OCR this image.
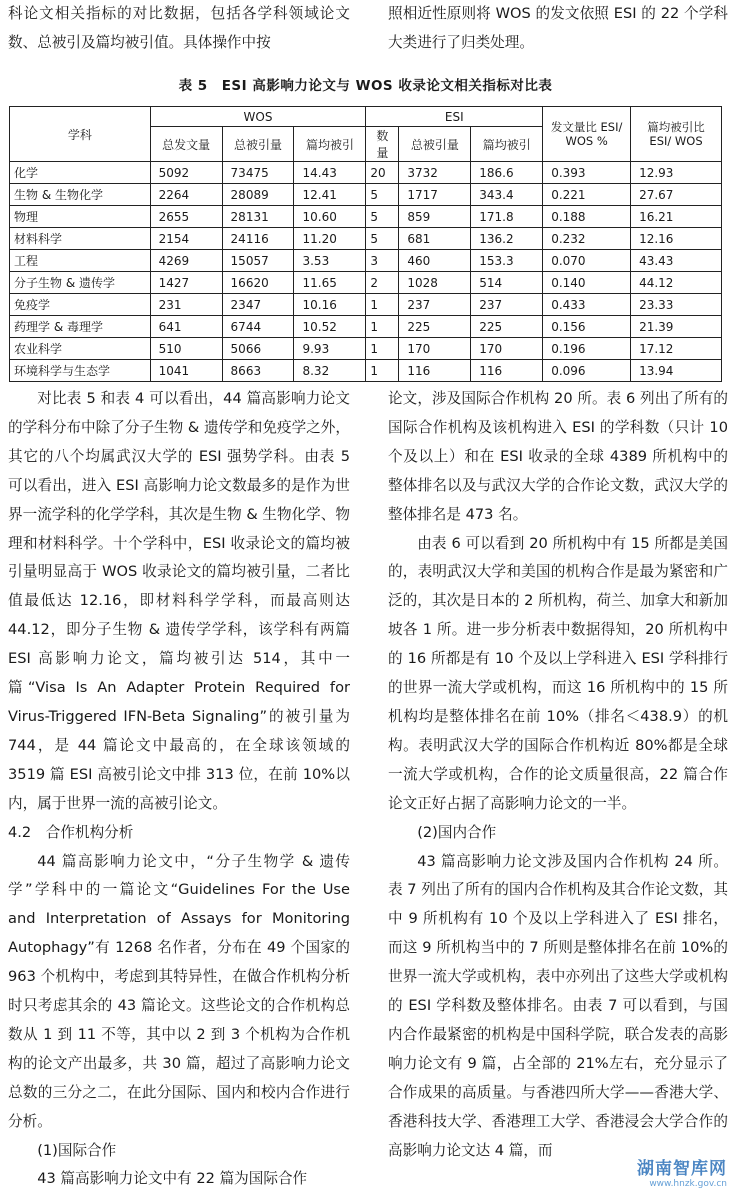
科论文相关指标的对比数据，包括各学科领域论文数、总被引及篇均被引值。具体操作中按

照相近性原则将 WOS 的发文依照 ESI 的 22 个学科大类进行了归类处理。

表 5　ESI 高影响力论文与 WOS 收录论文相关指标对比表
学科	WOS			ESI			发文量比 ESI/ WOS %	篇均被引比 ESI/ WOS
	总发文量	总被引量	篇均被引	数量	总被引量	篇均被引		
化学	5092	73475	14.43	20	3732	186.6	0.393	12.93
生物 & 生物化学	2264	28089	12.41	5	1717	343.4	0.221	27.67
物理	2655	28131	10.60	5	859	171.8	0.188	16.21
材料科学	2154	24116	11.20	5	681	136.2	0.232	12.16
工程	4269	15057	3.53	3	460	153.3	0.070	43.43
分子生物 & 遗传学	1427	16620	11.65	2	1028	514	0.140	44.12
免疫学	231	2347	10.16	1	237	237	0.433	23.33
药理学 & 毒理学	641	6744	10.52	1	225	225	0.156	21.39
农业科学	510	5066	9.93	1	170	170	0.196	17.12
环境科学与生态学	1041	8663	8.32	1	116	116	0.096	13.94

对比表 5 和表 4 可以看出，44 篇高影响力论文的学科分布中除了分子生物 & 遗传学和免疫学之外，其它的八个均属武汉大学的 ESI 强势学科。由表 5 可以看出，进入 ESI 高影响力论文数最多的是作为世界一流学科的化学学科，其次是生物 & 生物化学、物理和材料科学。十个学科中，ESI 收录论文的篇均被引量明显高于 WOS 收录论文的篇均被引量，二者比值最低达 12.16，即材料科学学科，而最高则达 44.12，即分子生物 & 遗传学学科，该学科有两篇 ESI 高影响力论文，篇均被引达 514，其中一篇“Visa Is An Adapter Protein Required for Virus-Triggered IFN-Beta Signaling”的被引量为 744，是 44 篇论文中最高的，在全球该领域的 3519 篇 ESI 高被引论文中排 313 位，在前 10%以内，属于世界一流的高被引论文。

4.2　合作机构分析

44 篇高影响力论文中，“分子生物学 & 遗传学”学科中的一篇论文“Guidelines For the Use and Interpretation of Assays for Monitoring Autophagy”有 1268 名作者，分布在 49 个国家的 963 个机构中，考虑到其特异性，在做合作机构分析时只考虑其余的 43 篇论文。这些论文的合作机构总数从 1 到 11 不等，其中以 2 到 3 个机构为合作机构的论文产出最多，共 30 篇，超过了高影响力论文总数的三分之二，在此分国际、国内和校内合作进行分析。

(1)国际合作

43 篇高影响力论文中有 22 篇为国际合作

论文，涉及国际合作机构 20 所。表 6 列出了所有的国际合作机构及该机构进入 ESI 的学科数（只计 10 个及以上）和在 ESI 收录的全球 4389 所机构中的整体排名以及与武汉大学的合作论文数，武汉大学的整体排名是 473 名。

由表 6 可以看到 20 所机构中有 15 所都是美国的，表明武汉大学和美国的机构合作是最为紧密和广泛的，其次是日本的 2 所机构，荷兰、加拿大和新加坡各 1 所。进一步分析表中数据得知，20 所机构中的 16 所都是有 10 个及以上学科进入 ESI 学科排行的世界一流大学或机构，而这 16 所机构中的 15 所机构均是整体排名在前 10%（排名＜438.9）的机构。表明武汉大学的国际合作机构近 80%都是全球一流大学或机构，合作的论文质量很高，22 篇合作论文正好占据了高影响力论文的一半。

(2)国内合作

43 篇高影响力论文涉及国内合作机构 24 所。表 7 列出了所有的国内合作机构及其合作论文数，其中 9 所机构有 10 个及以上学科进入了 ESI 排名，而这 9 所机构当中的 7 所则是整体排名在前 10%的世界一流大学或机构，表中亦列出了这些大学或机构的 ESI 学科数及整体排名。由表 7 可以看到，与国内合作最紧密的机构是中国科学院，联合发表的高影响力论文有 9 篇，占全部的 21%左右，充分显示了合作成果的高质量。与香港四所大学——香港大学、香港科技大学、香港理工大学、香港浸会大学合作的高影响力论文达 4 篇，而

湖南智库网
www.hnzk.gov.cn
